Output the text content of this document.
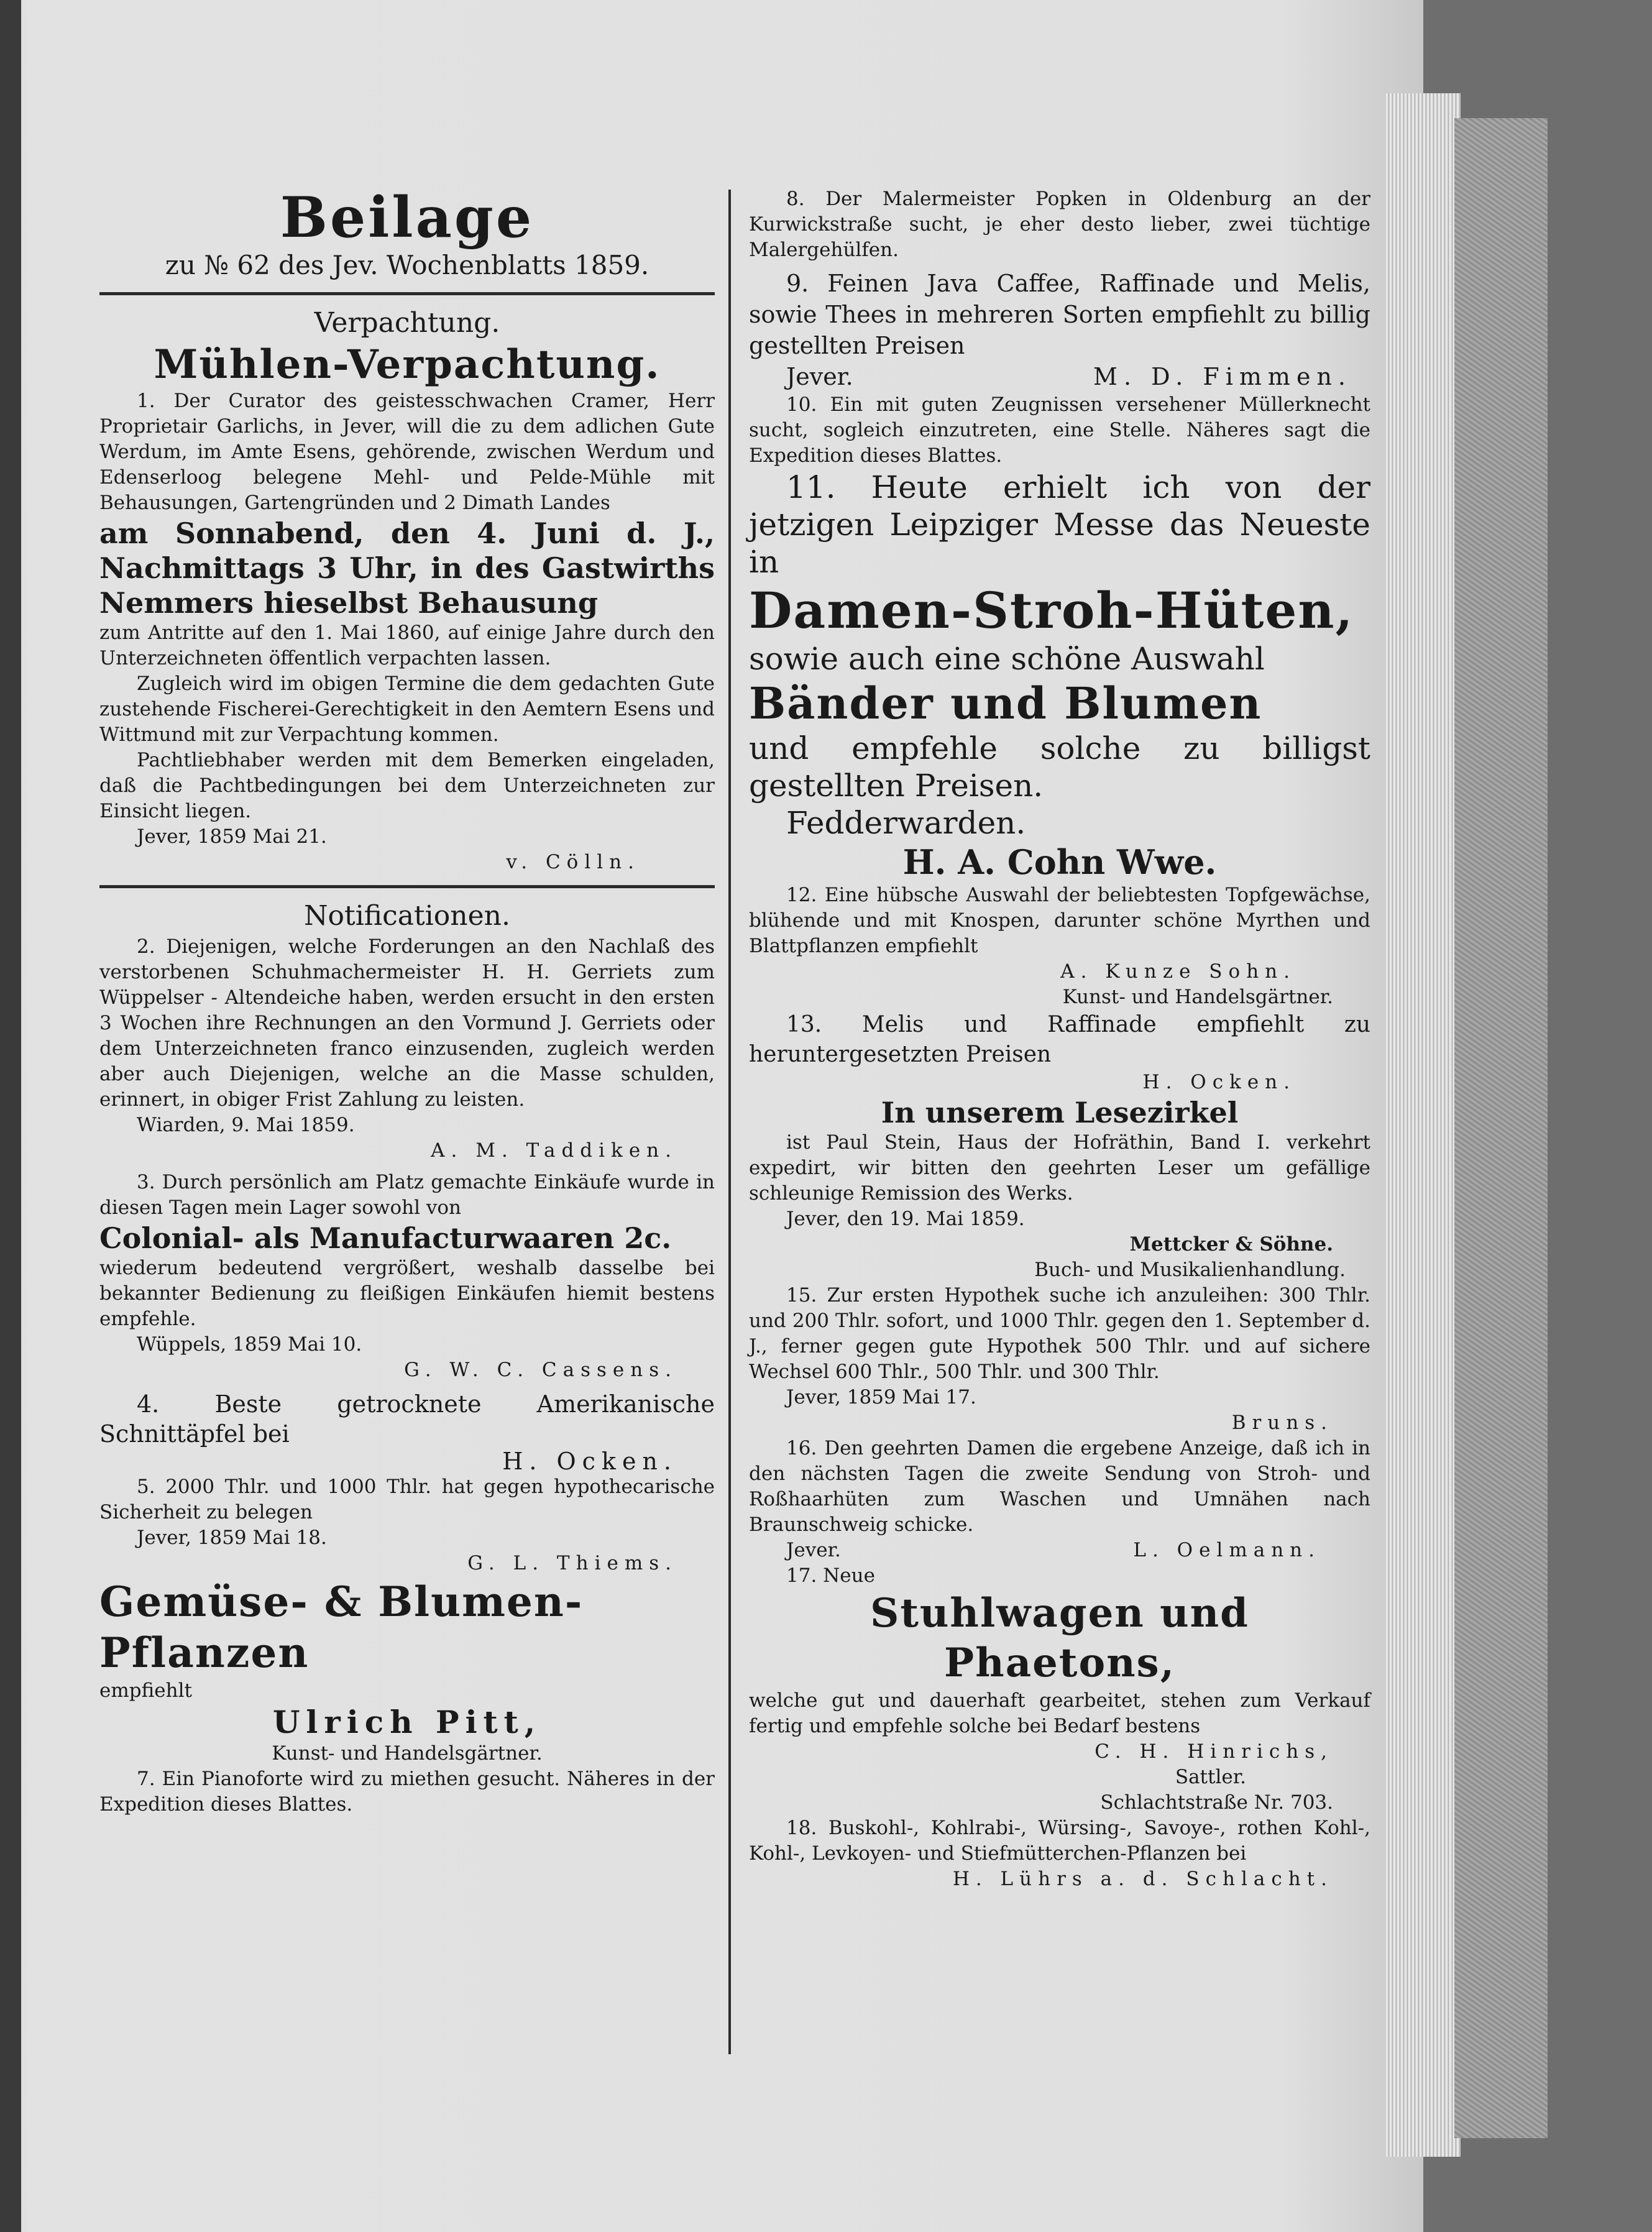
Beilage
zu № 62 des Jev. Wochenblatts 1859.
Verpachtung.
Mühlen-Verpachtung.

1. Der Curator des geistesschwachen Cramer, Herr Proprietair Garlichs, in Jever, will die zu dem adlichen Gute Werdum, im Amte Esens, gehörende, zwischen Werdum und Edenserloog belegene Mehl- und Pelde-Mühle mit Behausungen, Gartengründen und 2 Dimath Landes

am Sonnabend, den 4. Juni d. J., Nachmittags 3 Uhr, in des Gastwirths Nemmers hieselbst Behausung

zum Antritte auf den 1. Mai 1860, auf einige Jahre durch den Unterzeichneten öffentlich verpachten lassen.

Zugleich wird im obigen Termine die dem gedachten Gute zustehende Fischerei-Gerechtigkeit in den Aemtern Esens und Wittmund mit zur Verpachtung kommen.

Pachtliebhaber werden mit dem Bemerken eingeladen, daß die Pachtbedingungen bei dem Unterzeichneten zur Einsicht liegen.

Jever, 1859 Mai 21.

v. Cölln.

Notificationen.

2. Diejenigen, welche Forderungen an den Nachlaß des verstorbenen Schuhmachermeister H. H. Gerriets zum Wüppelser - Altendeiche haben, werden ersucht in den ersten 3 Wochen ihre Rechnungen an den Vormund J. Gerriets oder dem Unterzeichneten franco einzusenden, zugleich werden aber auch Diejenigen, welche an die Masse schulden, erinnert, in obiger Frist Zahlung zu leisten.

Wiarden, 9. Mai 1859.

A. M. Taddiken.

3. Durch persönlich am Platz gemachte Einkäufe wurde in diesen Tagen mein Lager sowohl von

Colonial- als Manufacturwaaren 2c.

wiederum bedeutend vergrößert, weshalb dasselbe bei bekannter Bedienung zu fleißigen Einkäufen hiemit bestens empfehle.

Wüppels, 1859 Mai 10.

G. W. C. Cassens.

4. Beste getrocknete Amerikanische Schnittäpfel bei

H. Ocken.

5. 2000 Thlr. und 1000 Thlr. hat gegen hypothecarische Sicherheit zu belegen

Jever, 1859 Mai 18.

G. L. Thiems.

Gemüse- & Blumen-Pflanzen

empfiehlt

Ulrich Pitt,

Kunst- und Handelsgärtner.

7. Ein Pianoforte wird zu miethen gesucht. Näheres in der Expedition dieses Blattes.

8. Der Malermeister Popken in Oldenburg an der Kurwickstraße sucht, je eher desto lieber, zwei tüchtige Malergehülfen.

9. Feinen Java Caffee, Raffinade und Melis, sowie Thees in mehreren Sorten empfiehlt zu billig gestellten Preisen

Jever.	M. D. Fimmen.

10. Ein mit guten Zeugnissen versehener Müllerknecht sucht, sogleich einzutreten, eine Stelle. Näheres sagt die Expedition dieses Blattes.

11. Heute erhielt ich von der jetzigen Leipziger Messe das Neueste in

Damen-Stroh-Hüten,

sowie auch eine schöne Auswahl

Bänder und Blumen

und empfehle solche zu billigst gestellten Preisen.

Fedderwarden.

H. A. Cohn Wwe.

12. Eine hübsche Auswahl der beliebtesten Topfgewächse, blühende und mit Knospen, darunter schöne Myrthen und Blattpflanzen empfiehlt

A. Kunze Sohn.

Kunst- und Handelsgärtner.

13. Melis und Raffinade empfiehlt zu heruntergesetzten Preisen

H. Ocken.

In unserem Lesezirkel

ist Paul Stein, Haus der Hofräthin, Band I. verkehrt expedirt, wir bitten den geehrten Leser um gefällige schleunige Remission des Werks.

Jever, den 19. Mai 1859.

Mettcker & Söhne.

Buch- und Musikalienhandlung.

15. Zur ersten Hypothek suche ich anzuleihen: 300 Thlr. und 200 Thlr. sofort, und 1000 Thlr. gegen den 1. September d. J., ferner gegen gute Hypothek 500 Thlr. und auf sichere Wechsel 600 Thlr., 500 Thlr. und 300 Thlr.

Jever, 1859 Mai 17.

Bruns.

16. Den geehrten Damen die ergebene Anzeige, daß ich in den nächsten Tagen die zweite Sendung von Stroh- und Roßhaarhüten zum Waschen und Umnähen nach Braunschweig schicke.

Jever.	L. Oelmann.

17. Neue

Stuhlwagen und Phaetons,

welche gut und dauerhaft gearbeitet, stehen zum Verkauf fertig und empfehle solche bei Bedarf bestens

C. H. Hinrichs,

Sattler.

Schlachtstraße Nr. 703.

18. Buskohl-, Kohlrabi-, Würsing-, Savoye-, rothen Kohl-, Kohl-, Levkoyen- und Stiefmütterchen-Pflanzen bei

H. Lührs a. d. Schlacht.
